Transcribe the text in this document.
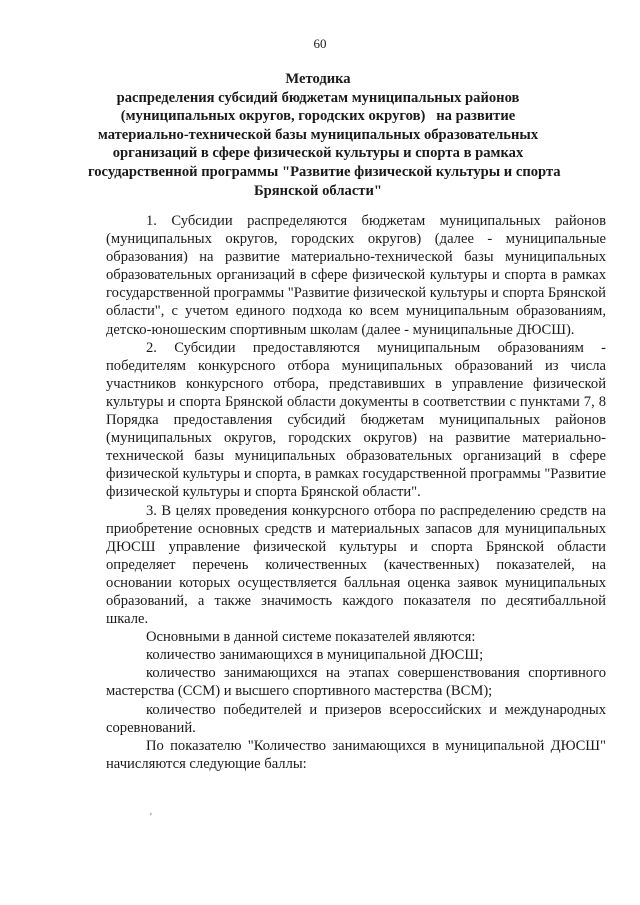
60
Методика
распределения субсидий бюджетам муниципальных районов
(муниципальных округов, городских округов)   на развитие
материально-технической базы муниципальных образовательных
организаций в сфере физической культуры и спорта в рамках
государственной программы "Развитие физической культуры и спорта
Брянской области"

1. Субсидии распределяются бюджетам муниципальных районов (муниципальных округов, городских округов) (далее - муниципальные образования) на развитие материально-технической базы муниципальных образовательных организаций в сфере физической культуры и спорта в рамках государственной программы "Развитие физической культуры и спорта Брянской области", с учетом единого подхода ко всем муниципальным образованиям, детско-юношеским спортивным школам (далее - муниципальные ДЮСШ).

2. Субсидии предоставляются муниципальным образованиям - победителям конкурсного отбора муниципальных образований из числа участников конкурсного отбора, представивших в управление физической культуры и спорта Брянской области документы в соответствии с пунктами 7, 8 Порядка предоставления субсидий бюджетам муниципальных районов (муниципальных округов, городских округов) на развитие материально-технической базы муниципальных образовательных организаций в сфере физической культуры и спорта, в рамках государственной программы "Развитие физической культуры и спорта Брянской области".

3. В целях проведения конкурсного отбора по распределению средств на приобретение основных средств и материальных запасов для муниципальных ДЮСШ управление физической культуры и спорта Брянской области определяет перечень количественных (качественных) показателей, на основании которых осуществляется балльная оценка заявок муниципальных образований, а также значимость каждого показателя по десятибалльной шкале.

Основными в данной системе показателей являются:

количество занимающихся в муниципальной ДЮСШ;

количество занимающихся на этапах совершенствования спортивного мастерства (ССМ) и высшего спортивного мастерства (ВСМ);

количество победителей и призеров всероссийских и международных соревнований.

По показателю "Количество занимающихся в муниципальной ДЮСШ" начисляются следующие баллы:

'
